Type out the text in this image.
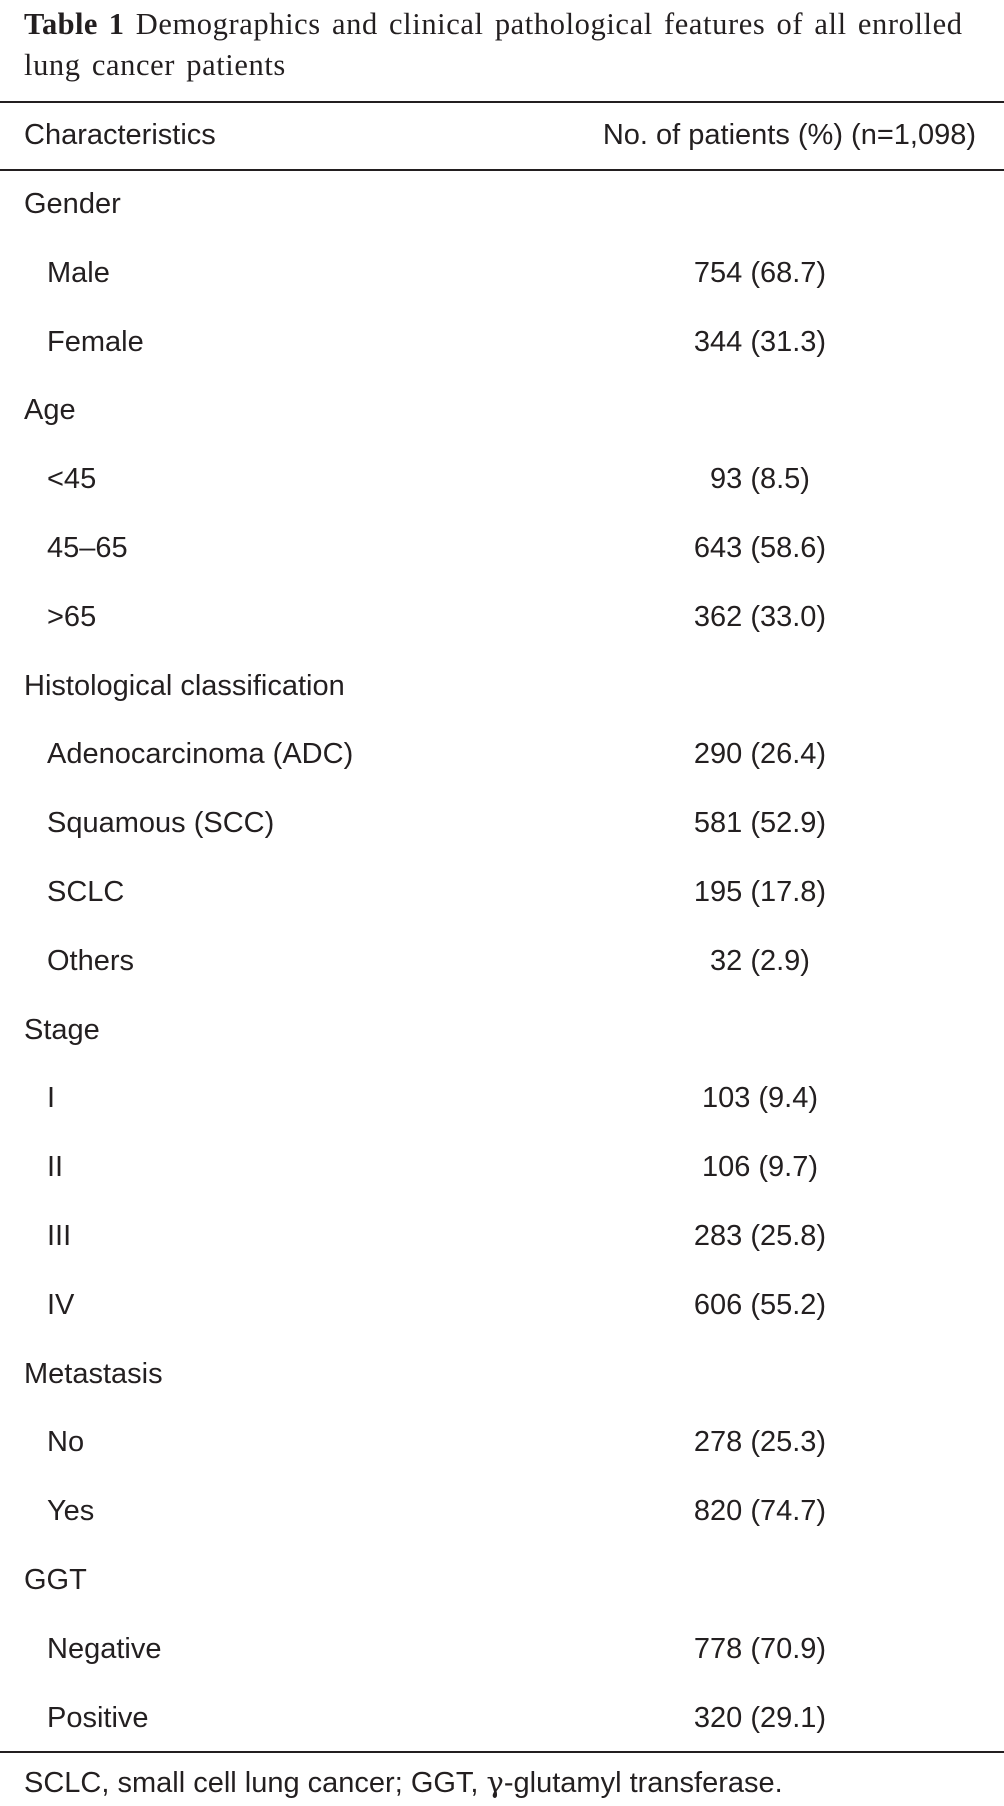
Table 1 Demographics and clinical pathological features of all enrolled lung cancer patients
Characteristics	No. of patients (%) (n=1,098)
Gender
Male	754 (68.7)
Female	344 (31.3)
Age
<45	93 (8.5)
45–65	643 (58.6)
>65	362 (33.0)
Histological classification
Adenocarcinoma (ADC)	290 (26.4)
Squamous (SCC)	581 (52.9)
SCLC	195 (17.8)
Others	32 (2.9)
Stage
I	103 (9.4)
II	106 (9.7)
III	283 (25.8)
IV	606 (55.2)
Metastasis
No	278 (25.3)
Yes	820 (74.7)
GGT
Negative	778 (70.9)
Positive	320 (29.1)
SCLC, small cell lung cancer; GGT, γ-glutamyl transferase.
